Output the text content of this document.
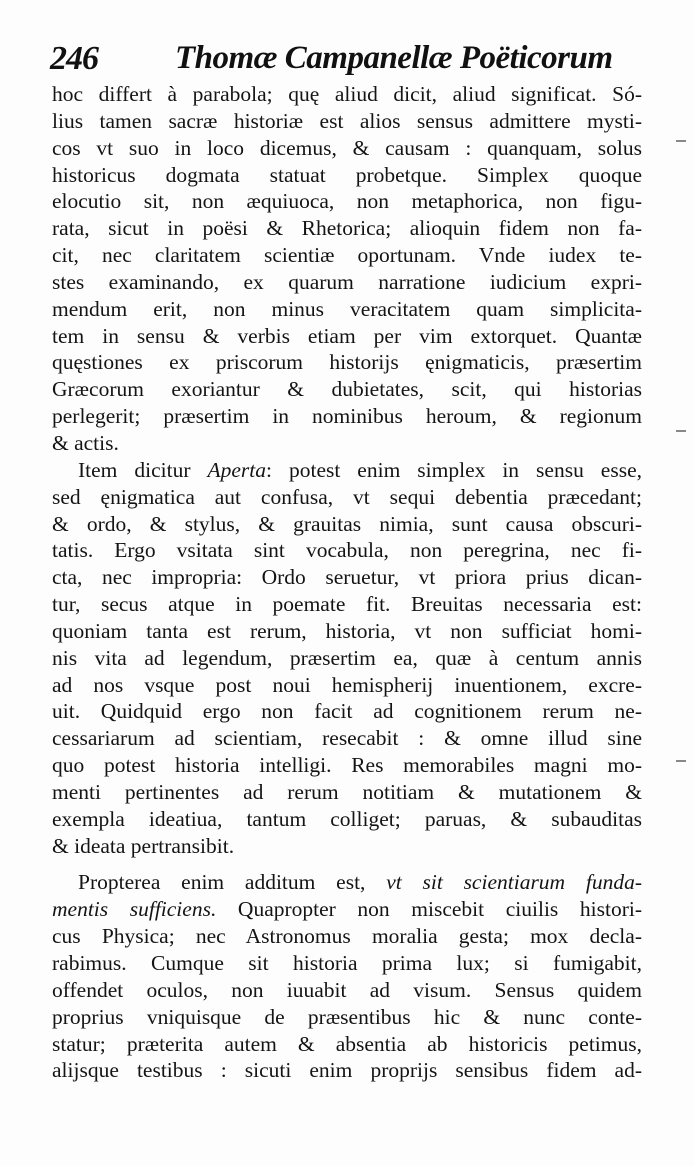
246 Thomæ Campanellæ Poëticorum
hoc differt à parabola; quę aliud dicit, aliud significat. Só-
lius tamen sacræ historiæ est alios sensus admittere mysti-
cos vt suo in loco dicemus, & causam : quanquam, solus
historicus dogmata statuat probetque. Simplex quoque
elocutio sit, non æquiuoca, non metaphorica, non figu-
rata, sicut in poësi & Rhetorica; alioquin fidem non fa-
cit, nec claritatem scientiæ oportunam. Vnde iudex te-
stes examinando, ex quarum narratione iudicium expri-
mendum erit, non minus veracitatem quam simplicita-
tem in sensu & verbis etiam per vim extorquet. Quantæ
quęstiones ex priscorum historijs ęnigmaticis, præsertim
Græcorum exoriantur & dubietates, scit, qui historias
perlegerit; præsertim in nominibus heroum, & regionum
& actis.
Item dicitur Aperta: potest enim simplex in sensu esse,
sed ęnigmatica aut confusa, vt sequi debentia præcedant;
& ordo, & stylus, & grauitas nimia, sunt causa obscuri-
tatis. Ergo vsitata sint vocabula, non peregrina, nec fi-
cta, nec impropria: Ordo seruetur, vt priora prius dican-
tur, secus atque in poemate fit. Breuitas necessaria est:
quoniam tanta est rerum, historia, vt non sufficiat homi-
nis vita ad legendum, præsertim ea, quæ à centum annis
ad nos vsque post noui hemispherij inuentionem, excre-
uit. Quidquid ergo non facit ad cognitionem rerum ne-
cessariarum ad scientiam, resecabit : & omne illud sine
quo potest historia intelligi. Res memorabiles magni mo-
menti pertinentes ad rerum notitiam & mutationem &
exempla ideatiua, tantum colliget; paruas, & subauditas
& ideata pertransibit.
Propterea enim additum est, vt sit scientiarum funda-
mentis sufficiens. Quapropter non miscebit ciuilis histori-
cus Physica; nec Astronomus moralia gesta; mox decla-
rabimus. Cumque sit historia prima lux; si fumigabit,
offendet oculos, non iuuabit ad visum. Sensus quidem
proprius vniquisque de præsentibus hic & nunc conte-
statur; præterita autem & absentia ab historicis petimus,
alijsque testibus : sicuti enim proprijs sensibus fidem ad-
